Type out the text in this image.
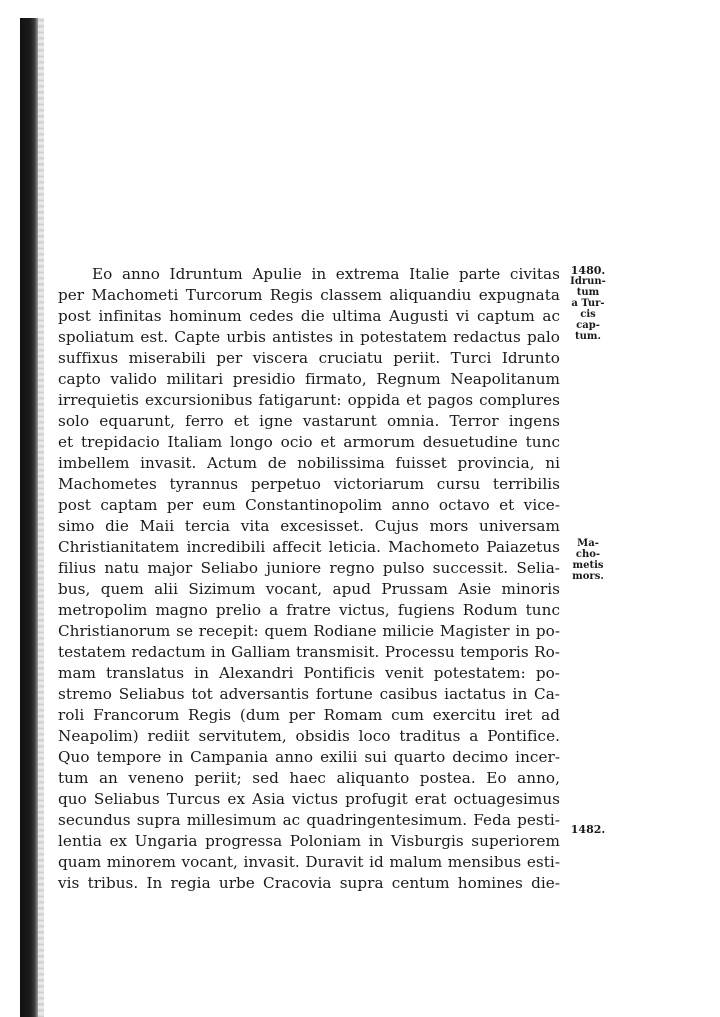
Eo anno Idruntum Apulie in extrema Italie parte civitas
per Machometi Turcorum Regis classem aliquandiu expugnata
post infinitas hominum cedes die ultima Augusti vi captum ac
spoliatum est. Capte urbis antistes in potestatem redactus palo
suffixus miserabili per viscera cruciatu periit. Turci Idrunto
capto valido militari presidio firmato, Regnum Neapolitanum
irrequietis excursionibus fatigarunt: oppida et pagos complures
solo equarunt, ferro et igne vastarunt omnia. Terror ingens
et trepidacio Italiam longo ocio et armorum desuetudine tunc
imbellem invasit. Actum de nobilissima fuisset provincia, ni
Machometes tyrannus perpetuo victoriarum cursu terribilis
post captam per eum Constantinopolim anno octavo et vice-
simo die Maii tercia vita excesisset. Cujus mors universam
Christianitatem incredibili affecit leticia. Machometo Paiazetus
filius natu major Seliabo juniore regno pulso successit. Selia-
bus, quem alii Sizimum vocant, apud Prussam Asie minoris
metropolim magno prelio a fratre victus, fugiens Rodum tunc
Christianorum se recepit: quem Rodiane milicie Magister in po-
testatem redactum in Galliam transmisit. Processu temporis Ro-
mam translatus in Alexandri Pontificis venit potestatem: po-
stremo Seliabus tot adversantis fortune casibus iactatus in Ca-
roli Francorum Regis (dum per Romam cum exercitu iret ad
Neapolim) rediit servitutem, obsidis loco traditus a Pontifice.
Quo tempore in Campania anno exilii sui quarto decimo incer-
tum an veneno periit; sed haec aliquanto postea. Eo anno,
quo Seliabus Turcus ex Asia victus profugit erat octuagesimus
secundus supra millesimum ac quadringentesimum. Feda pesti-
lentia ex Ungaria progressa Poloniam in Visburgis superiorem
quam minorem vocant, invasit. Duravit id malum mensibus esti-
vis tribus. In regia urbe Cracovia supra centum homines die-
1480.
Idrun-
tum
a Tur-
cis
cap-
tum.
Ma-
cho-
metis
mors.
1482.
